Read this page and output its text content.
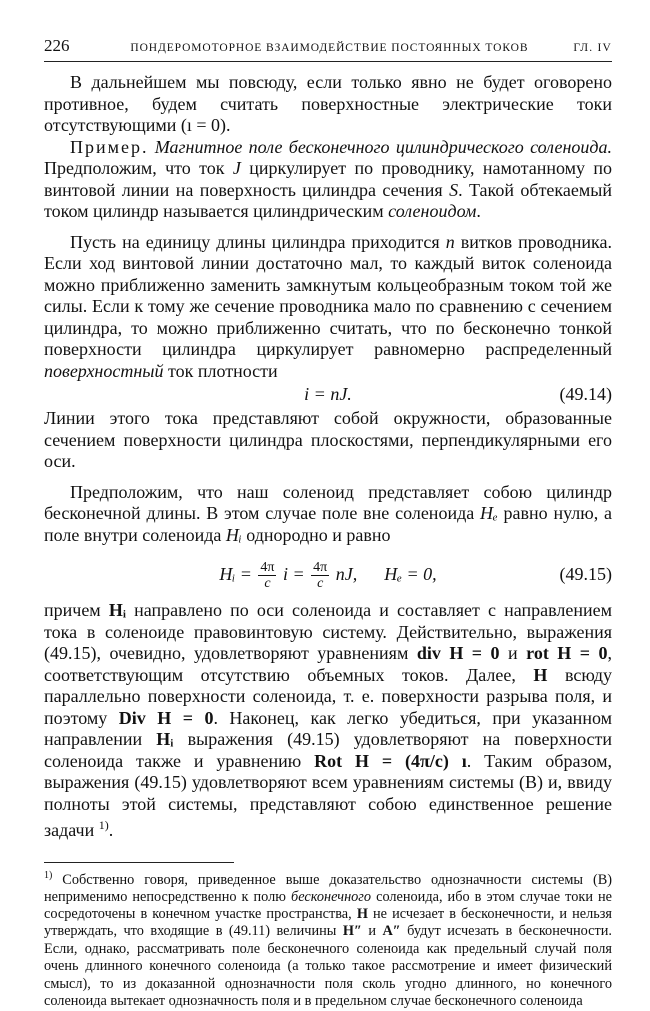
226	ПОНДЕРОМОТОРНОЕ ВЗАИМОДЕЙСТВИЕ ПОСТОЯННЫХ ТОКОВ	ГЛ. IV

В дальнейшем мы повсюду, если только явно не будет оговорено противное, будем считать поверхностные электрические токи отсутствующими (ı = 0).

Пример. Магнитное поле бесконечного цилиндрического соленоида. Предположим, что ток J циркулирует по проводнику, намотанному по винтовой линии на поверхность цилиндра сечения S. Такой обтекаемый током цилиндр называется цилиндрическим соленоидом.

Пусть на единицу длины цилиндра приходится n витков проводника. Если ход винтовой линии достаточно мал, то каждый виток соленоида можно приближенно заменить замкнутым кольцеобразным током той же силы. Если к тому же сечение проводника мало по сравнению с сечением цилиндра, то можно приближенно считать, что по бесконечно тонкой поверхности цилиндра циркулирует равномерно распределенный поверхностный ток плотности

i = nJ.	(49.14)

Линии этого тока представляют собой окружности, образованные сечением поверхности цилиндра плоскостями, перпендикулярными его оси.

Предположим, что наш соленоид представляет собою цилиндр бесконечной длины. В этом случае поле вне соленоида Hₑ равно нулю, а поле внутри соленоида Hᵢ однородно и равно

Hᵢ = $\frac{4\pi}{c}$ $i = \frac{4\pi}{c}$ nJ, Hₑ = 0,	(49.15)

причем Hᵢ направлено по оси соленоида и составляет с направлением тока в соленоиде правовинтовую систему. Действительно, выражения (49.15), очевидно, удовлетворяют уравнениям div H = 0 и rot H = 0, соответствующим отсутствию объемных токов. Далее, H всюду параллельно поверхности соленоида, т. е. поверхности разрыва поля, и поэтому Div H = 0. Наконец, как легко убедиться, при указанном направлении Hᵢ выражения (49.15) удовлетворяют на поверхности соленоида также и уравнению Rot H = (4π/c) ı. Таким образом, выражения (49.15) удовлетворяют всем уравнениям системы (В) и, ввиду полноты этой системы, представляют собою единственное решение задачи $^{1)}$.

$^{1)}$ Собственно говоря, приведенное выше доказательство однозначности системы (В) неприменимо непосредственно к полю бесконечного соленоида, ибо в этом случае токи не сосредоточены в конечном участке пространства, H не исчезает в бесконечности, и нельзя утверждать, что входящие в (49.11) величины H″ и A″ будут исчезать в бесконечности. Если, однако, рассматривать поле бесконечного соленоида как предельный случай поля очень длинного конечного соленоида (а только такое рассмотрение и имеет физический смысл), то из доказанной однозначности поля сколь угодно длинного, но конечного соленоида вытекает однозначность поля и в предельном случае бесконечного соленоида
